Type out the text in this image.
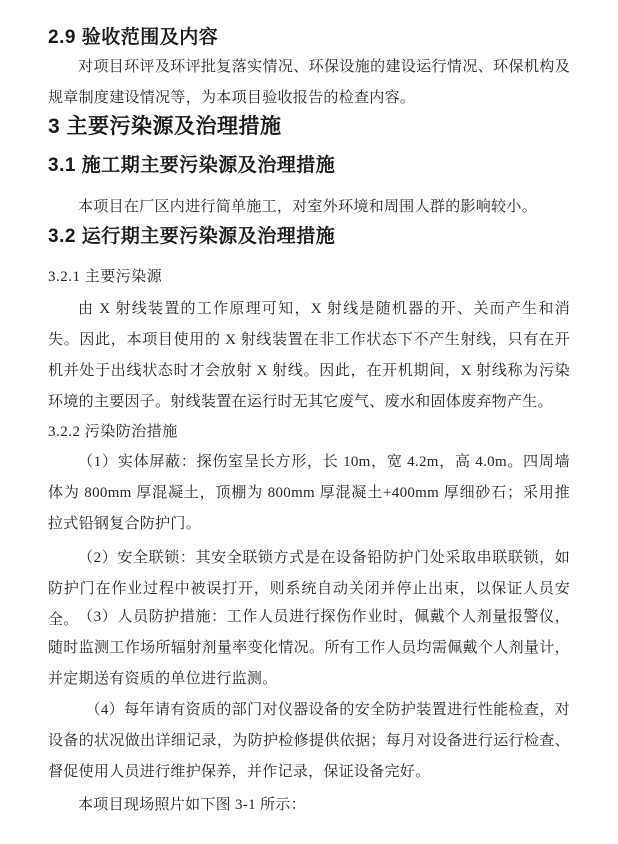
2.9 验收范围及内容

对项目环评及环评批复落实情况、环保设施的建设运行情况、环保机构及规章制度建设情况等，为本项目验收报告的检查内容。

3 主要污染源及治理措施
3.1 施工期主要污染源及治理措施

本项目在厂区内进行简单施工，对室外环境和周围人群的影响较小。

3.2 运行期主要污染源及治理措施
3.2.1 主要污染源

由 X 射线装置的工作原理可知，X 射线是随机器的开、关而产生和消失。因此，本项目使用的 X 射线装置在非工作状态下不产生射线，只有在开机并处于出线状态时才会放射 X 射线。因此，在开机期间，X 射线称为污染环境的主要因子。射线装置在运行时无其它废气、废水和固体废弃物产生。

3.2.2 污染防治措施

（1）实体屏蔽：探伤室呈长方形，长 10m，宽 4.2m，高 4.0m。四周墙体为 800mm 厚混凝土，顶棚为 800mm 厚混凝土+400mm 厚细砂石；采用推拉式铅钢复合防护门。

（2）安全联锁：其安全联锁方式是在设备铅防护门处采取串联联锁，如防护门在作业过程中被误打开，则系统自动关闭并停止出束，以保证人员安全。 （3）人员防护措施：工作人员进行探伤作业时，佩戴个人剂量报警仪，随时监测工作场所辐射剂量率变化情况。所有工作人员均需佩戴个人剂量计，并定期送有资质的单位进行监测。

（4）每年请有资质的部门对仪器设备的安全防护装置进行性能检查，对设备的状况做出详细记录，为防护检修提供依据；每月对设备进行运行检查、督促使用人员进行维护保养，并作记录，保证设备完好。

本项目现场照片如下图 3-1 所示：
